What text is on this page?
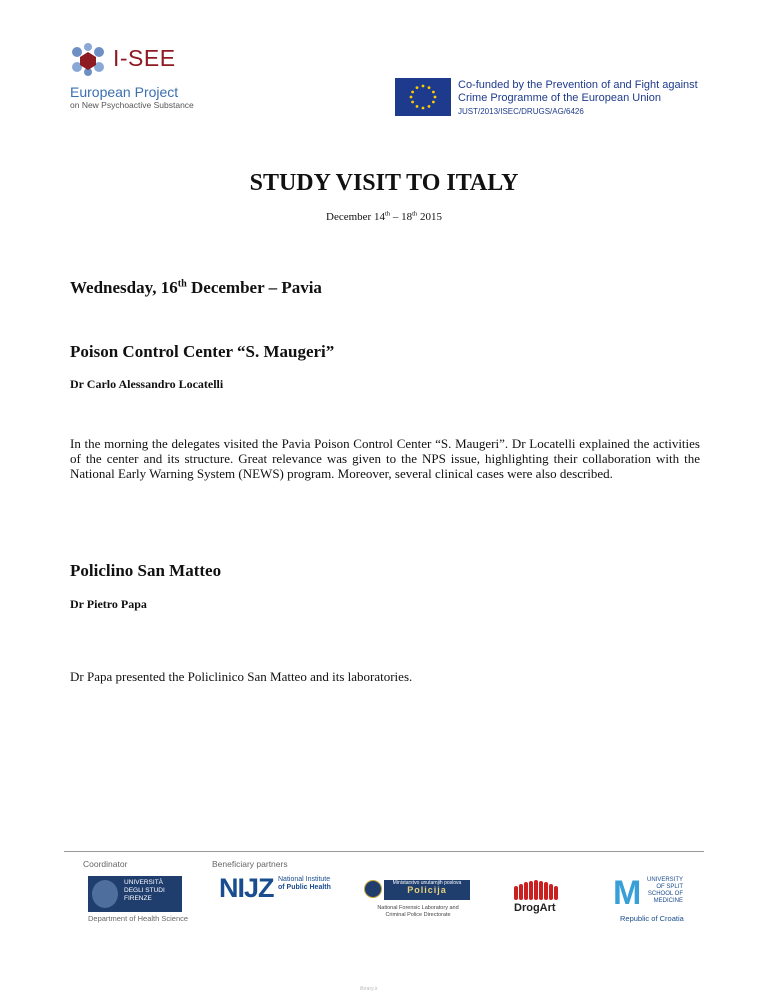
I-SEE
European Project
on New Psychoactive Substance
Co-funded by the Prevention of and Fight against
Crime Programme of the European Union
JUST/2013/ISEC/DRUGS/AG/6426
STUDY VISIT TO ITALY
December 14th – 18th 2015
Wednesday, 16th December – Pavia
Poison Control Center “S. Maugeri”
Dr Carlo Alessandro Locatelli
In the morning the delegates visited the Pavia Poison Control Center “S. Maugeri”. Dr Locatelli explained the activities of the center and its structure. Great relevance was given to the NPS issue, highlighting their collaboration with the National Early Warning System (NEWS) program. Moreover, several clinical cases were also described.
Policlino San Matteo
Dr Pietro Papa
Dr Papa presented the Policlinico San Matteo and its laboratories.
Coordinator	Beneficiary partners
UNIVERSITÀ DEGLI STUDI FIRENZE
Department of Health Science
NIJZ National Institute
of Public Health
Ministarstvo unutarnjih poslova
Policija
National Forensic Laboratory and
Criminal Police Directorate
DrogArt M UNIVERSITY
OF SPLIT
SCHOOL OF
MEDICINE
Republic of Croatia
ilbrary.ir
